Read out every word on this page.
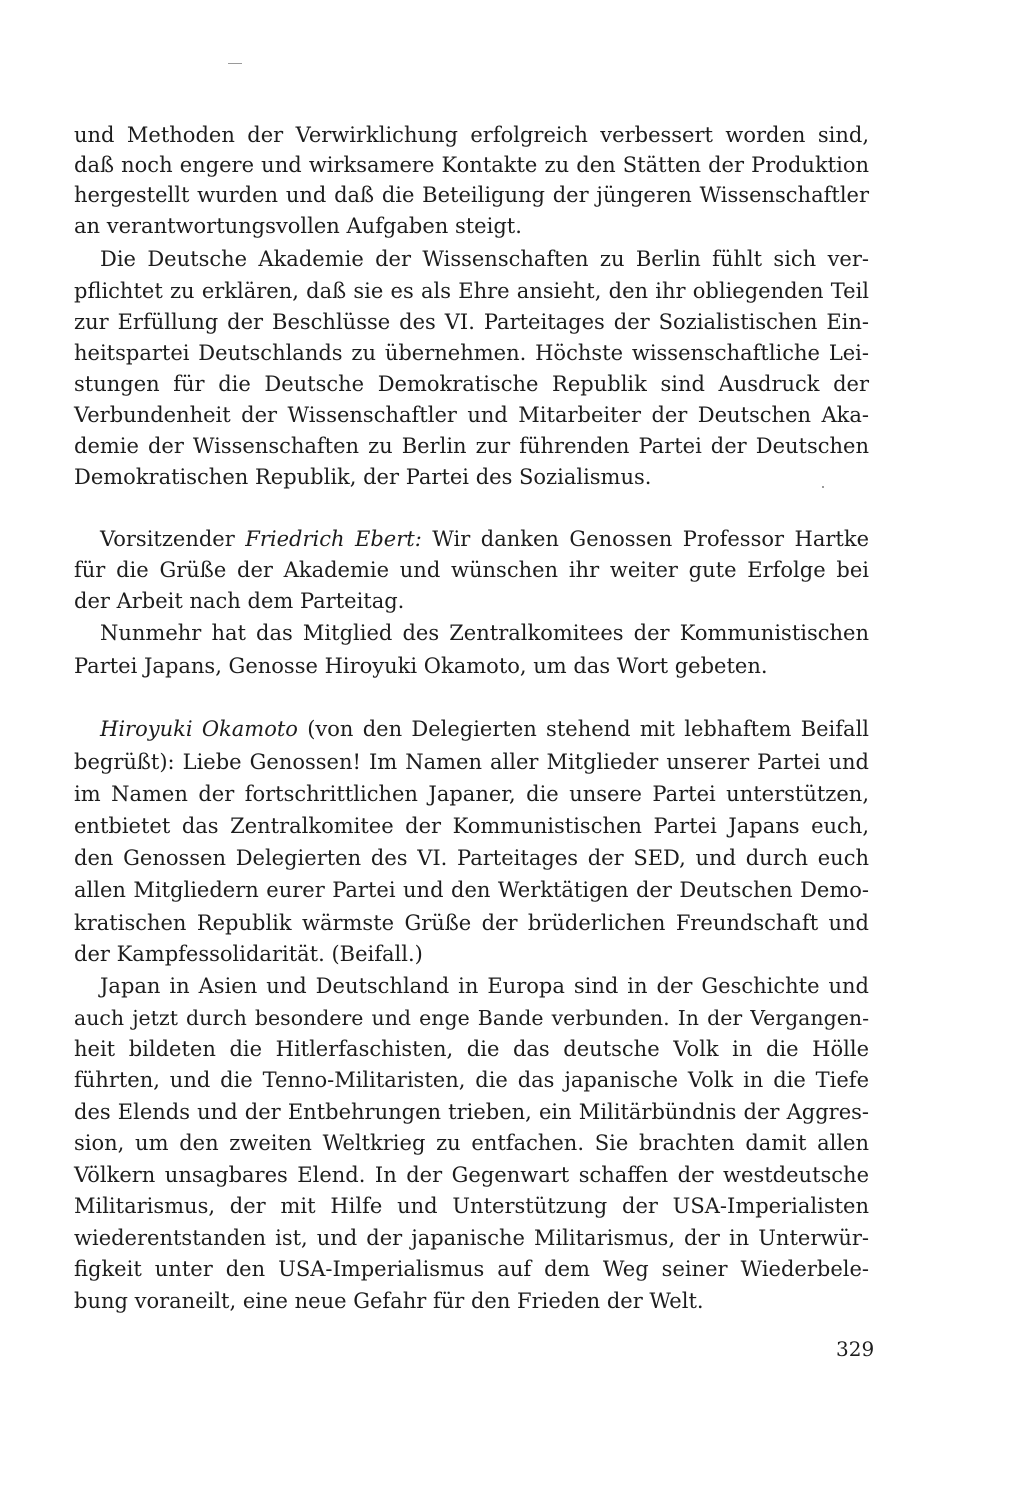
und Methoden der Verwirklichung erfolgreich verbessert worden sind,

daß noch engere und wirksamere Kontakte zu den Stätten der Produktion

hergestellt wurden und daß die Beteiligung der jüngeren Wissenschaftler

an verantwortungsvollen Aufgaben steigt.

Die Deutsche Akademie der Wissenschaften zu Berlin fühlt sich ver-

pflichtet zu erklären, daß sie es als Ehre ansieht, den ihr obliegenden Teil

zur Erfüllung der Beschlüsse des VI. Parteitages der Sozialistischen Ein-

heitspartei Deutschlands zu übernehmen. Höchste wissenschaftliche Lei-

stungen für die Deutsche Demokratische Republik sind Ausdruck der

Verbundenheit der Wissenschaftler und Mitarbeiter der Deutschen Aka-

demie der Wissenschaften zu Berlin zur führenden Partei der Deutschen

Demokratischen Republik, der Partei des Sozialismus.

Vorsitzender Friedrich Ebert: Wir danken Genossen Professor Hartke

für die Grüße der Akademie und wünschen ihr weiter gute Erfolge bei

der Arbeit nach dem Parteitag.

Nunmehr hat das Mitglied des Zentralkomitees der Kommunistischen

Partei Japans, Genosse Hiroyuki Okamoto, um das Wort gebeten.

Hiroyuki Okamoto (von den Delegierten stehend mit lebhaftem Beifall

begrüßt): Liebe Genossen! Im Namen aller Mitglieder unserer Partei und

im Namen der fortschrittlichen Japaner, die unsere Partei unterstützen,

entbietet das Zentralkomitee der Kommunistischen Partei Japans euch,

den Genossen Delegierten des VI. Parteitages der SED, und durch euch

allen Mitgliedern eurer Partei und den Werktätigen der Deutschen Demo-

kratischen Republik wärmste Grüße der brüderlichen Freundschaft und

der Kampfessolidarität. (Beifall.)

Japan in Asien und Deutschland in Europa sind in der Geschichte und

auch jetzt durch besondere und enge Bande verbunden. In der Vergangen-

heit bildeten die Hitlerfaschisten, die das deutsche Volk in die Hölle

führten, und die Tenno-Militaristen, die das japanische Volk in die Tiefe

des Elends und der Entbehrungen trieben, ein Militärbündnis der Aggres-

sion, um den zweiten Weltkrieg zu entfachen. Sie brachten damit allen

Völkern unsagbares Elend. In der Gegenwart schaffen der westdeutsche

Militarismus, der mit Hilfe und Unterstützung der USA-Imperialisten

wiederentstanden ist, und der japanische Militarismus, der in Unterwür-

figkeit unter den USA-Imperialismus auf dem Weg seiner Wiederbele-

bung voraneilt, eine neue Gefahr für den Frieden der Welt.

329
